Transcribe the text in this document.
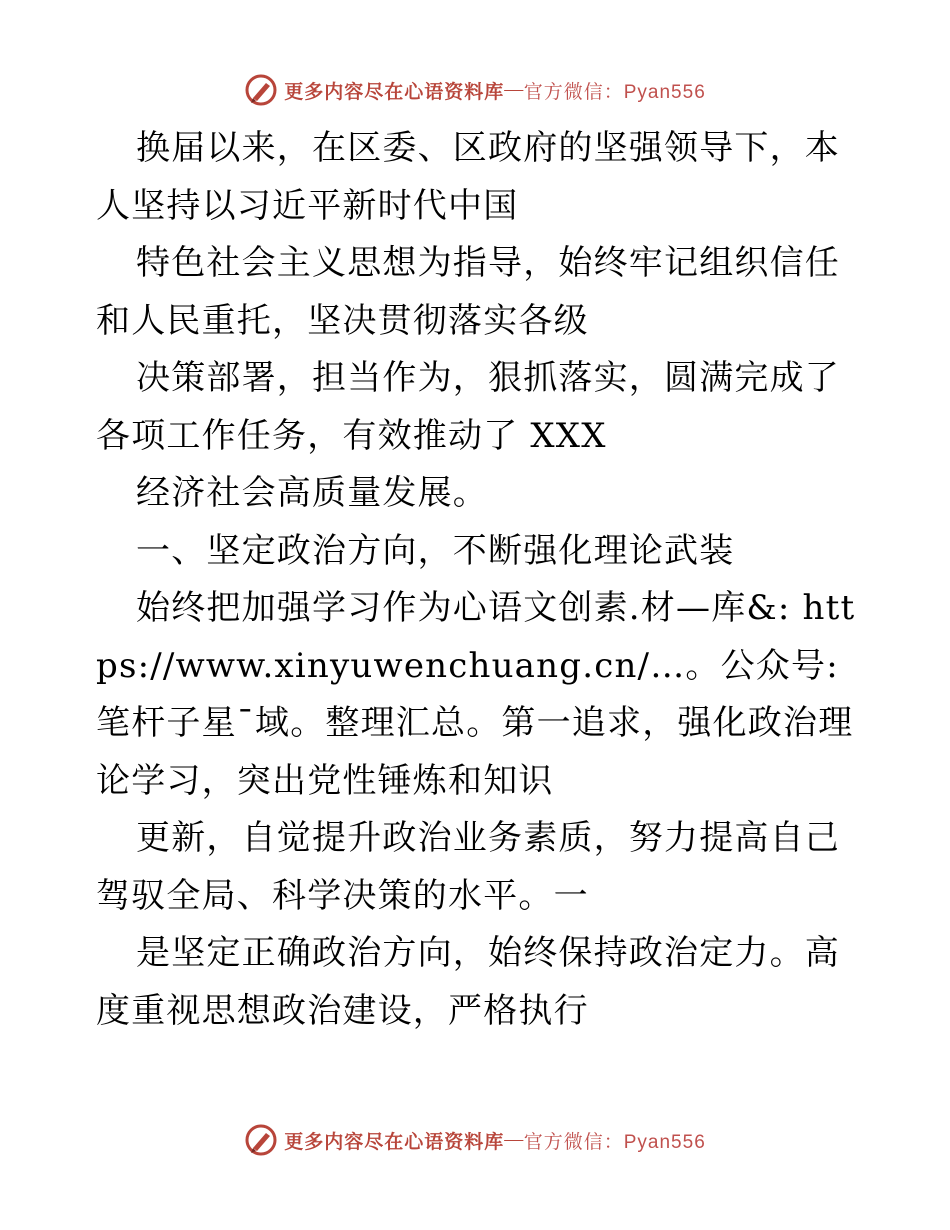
更多内容尽在心语资料库 — 官方微信：Pyan556

换届以来，在区委、区政府的坚强领导下，本人坚持以习近平新时代中国

特色社会主义思想为指导，始终牢记组织信任和人民重托，坚决贯彻落实各级

决策部署，担当作为，狠抓落实，圆满完成了各项工作任务，有效推动了 XXX

经济社会高质量发展。

一、坚定政治方向，不断强化理论武装

始终把加强学习作为心语文创素.材—库&: https://www.xinyuwenchuang.cn/…。公众号: 笔杆子星¯域。整理汇总。第一追求，强化政治理论学习，突出党性锤炼和知识

更新，自觉提升政治业务素质，努力提高自己驾驭全局、科学决策的水平。一

是坚定正确政治方向，始终保持政治定力。高度重视思想政治建设，严格执行

更多内容尽在心语资料库 — 官方微信：Pyan556
